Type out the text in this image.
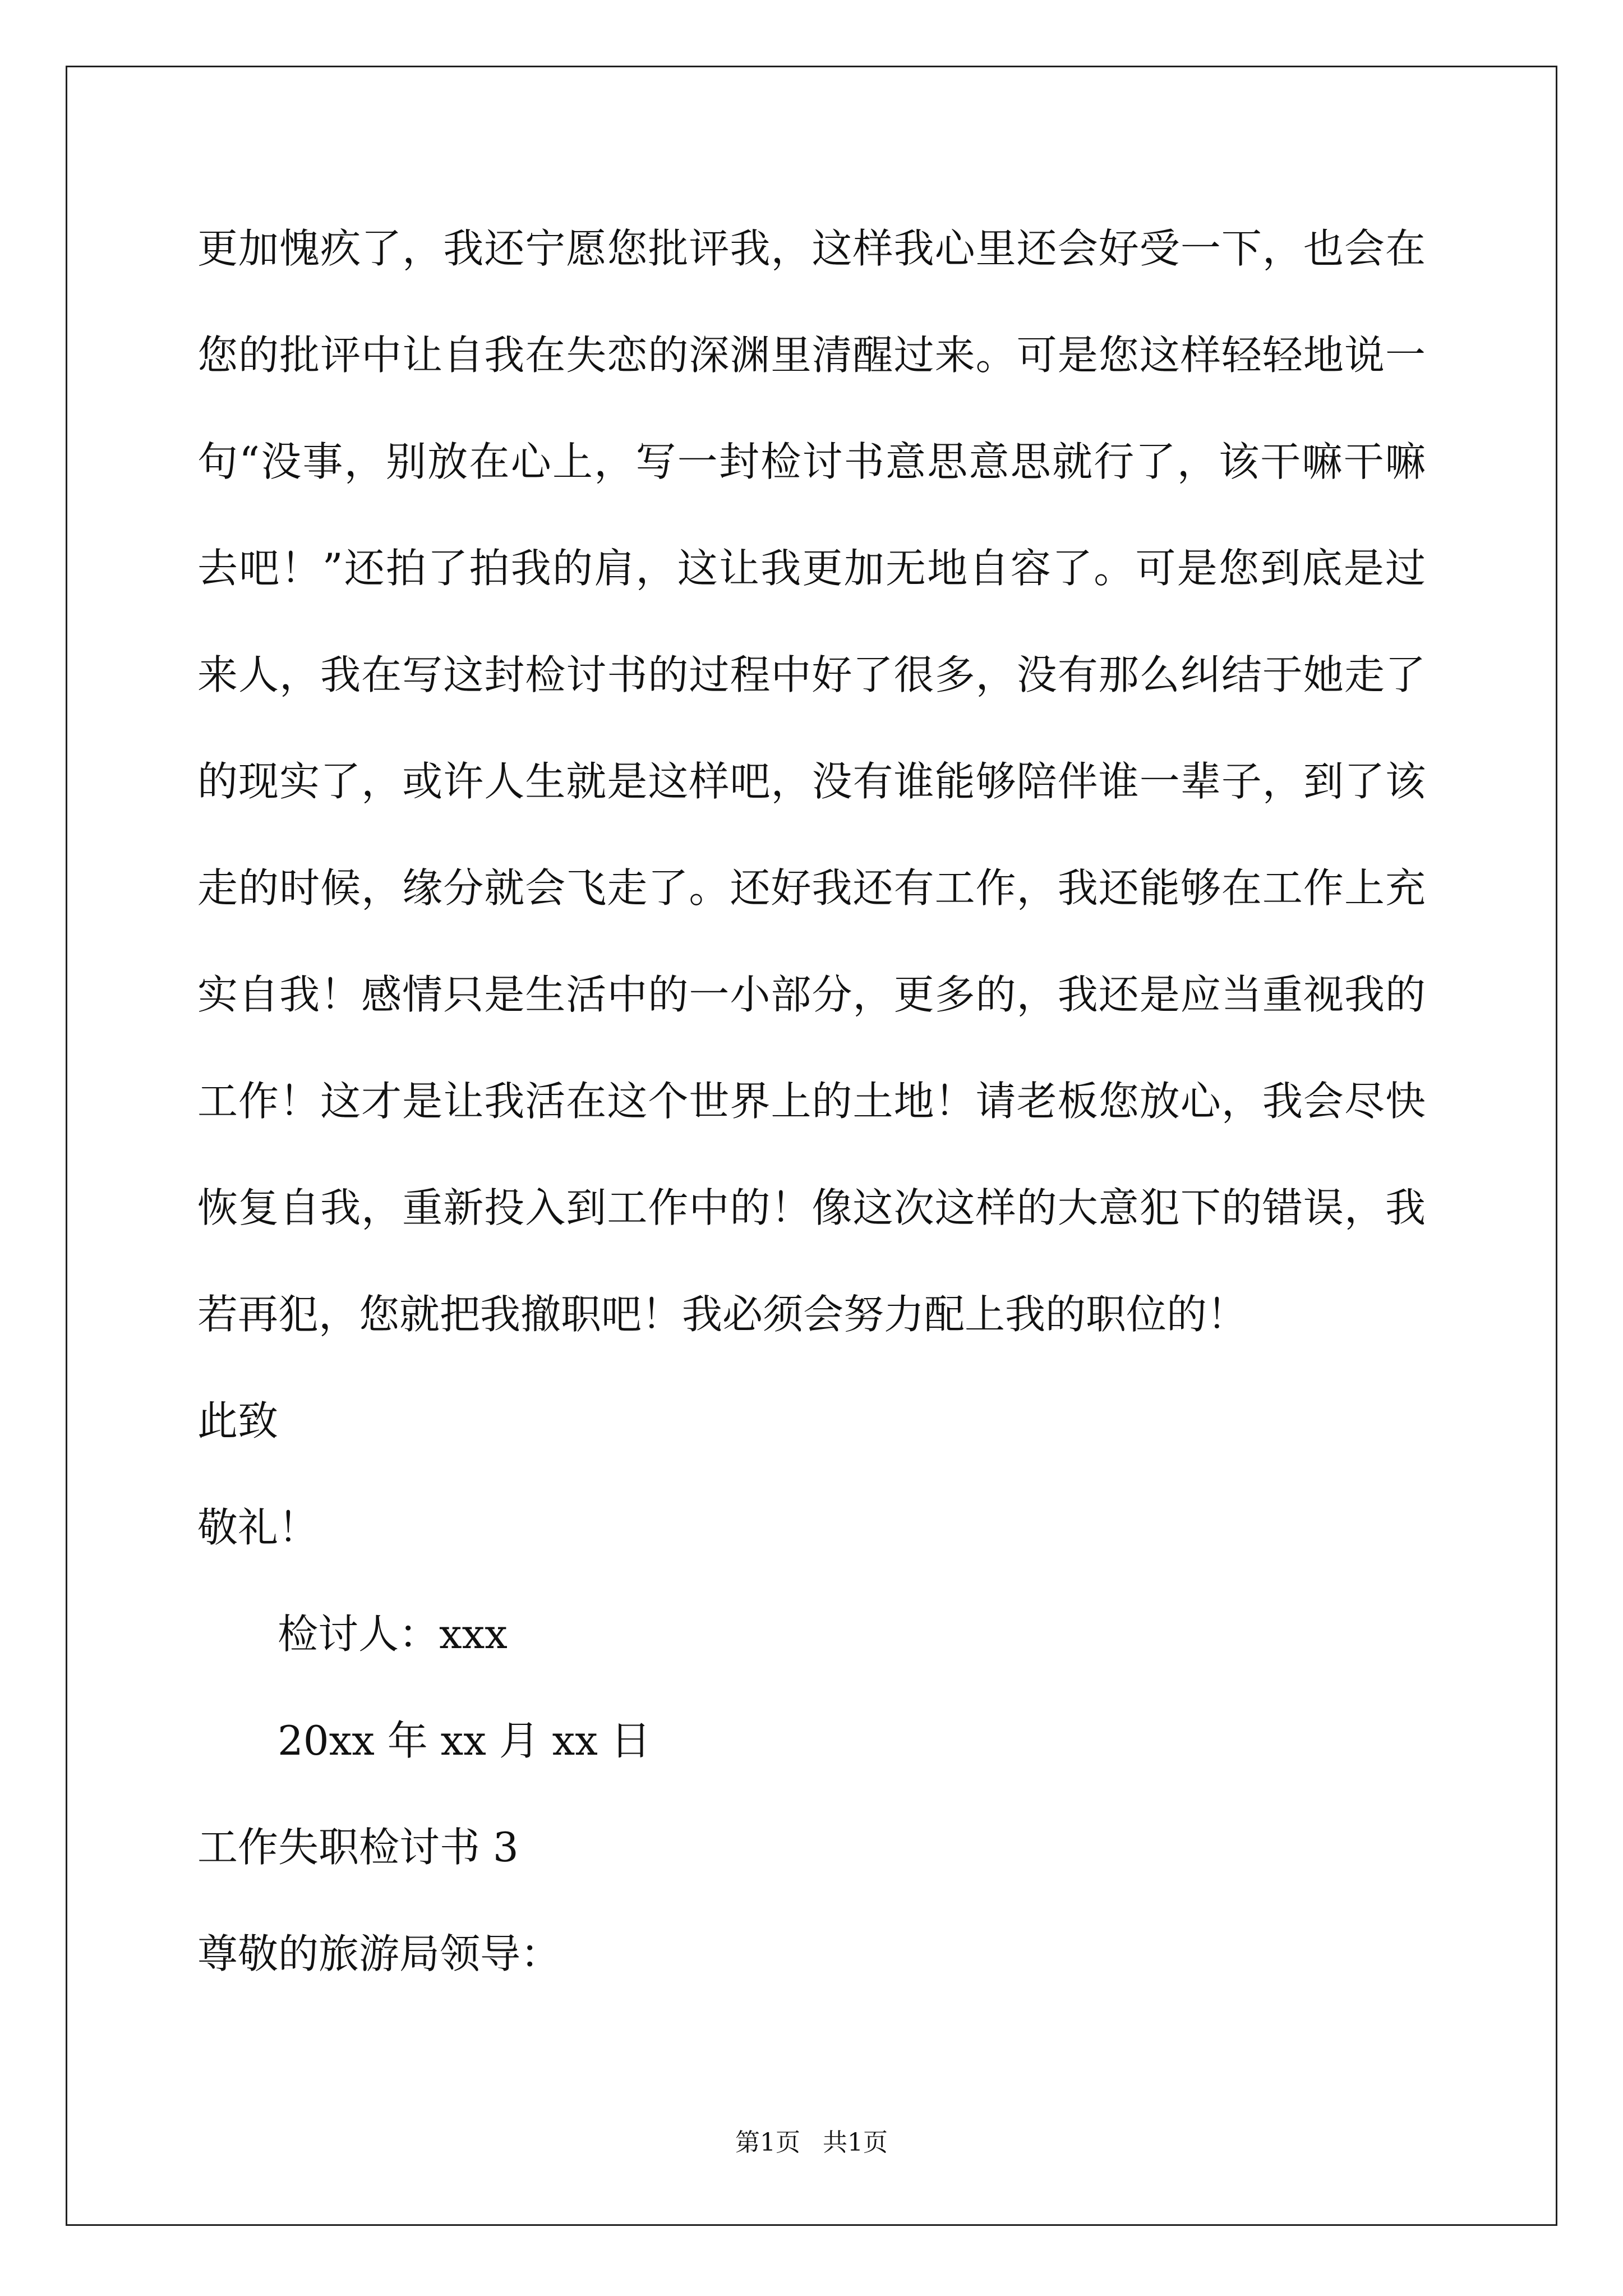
更加愧疚了，我还宁愿您批评我，这样我心里还会好受一下，也会在
您的批评中让自我在失恋的深渊里清醒过来。可是您这样轻轻地说一
句“没事，别放在心上，写一封检讨书意思意思就行了，该干嘛干嘛
去吧！”还拍了拍我的肩，这让我更加无地自容了。可是您到底是过
来人，我在写这封检讨书的过程中好了很多，没有那么纠结于她走了
的现实了，或许人生就是这样吧，没有谁能够陪伴谁一辈子，到了该
走的时候，缘分就会飞走了。还好我还有工作，我还能够在工作上充
实自我！感情只是生活中的一小部分，更多的，我还是应当重视我的
工作！这才是让我活在这个世界上的土地！请老板您放心，我会尽快
恢复自我，重新投入到工作中的！像这次这样的大意犯下的错误，我
若再犯，您就把我撤职吧！我必须会努力配上我的职位的！
此致
敬礼！
检讨人：xxx
20xx 年 xx 月 xx 日
工作失职检讨书 3
尊敬的旅游局领导：
第1页 共1页
